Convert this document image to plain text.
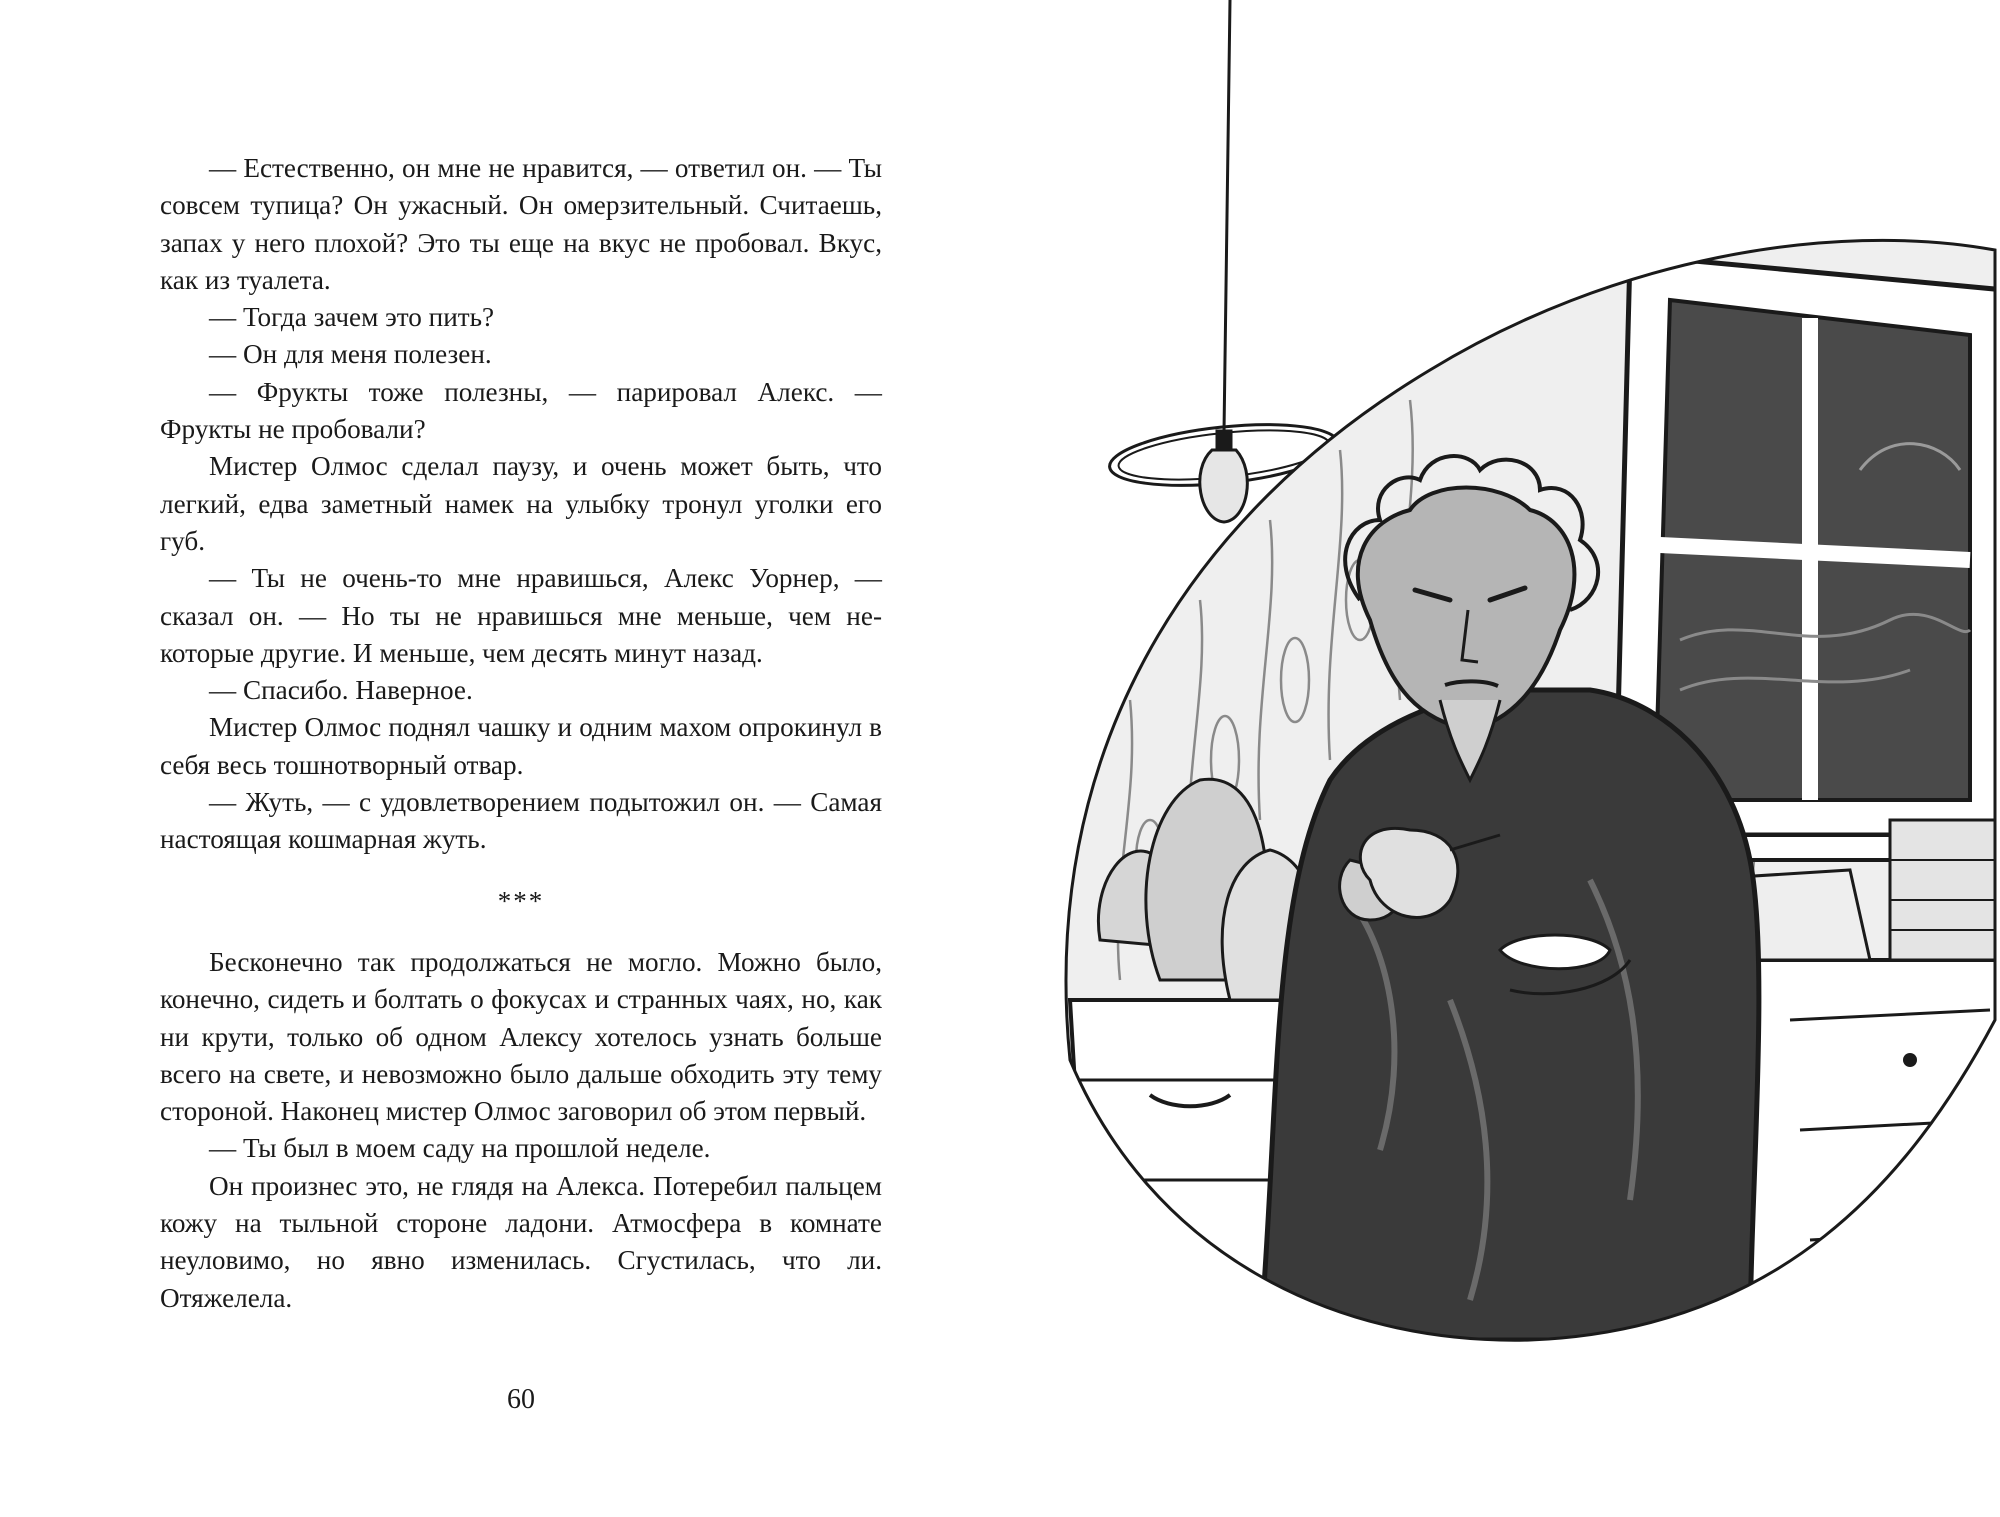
— Естественно, он мне не нравится, — ответил он. — Ты совсем тупица? Он ужасный. Он омерзительный. Считаешь, запах у него плохой? Это ты еще на вкус не пробовал. Вкус, как из туалета.

— Тогда зачем это пить?

— Он для меня полезен.

— Фрукты тоже полезны, — парировал Алекс. — Фрукты не пробовали?

Мистер Олмос сделал паузу, и очень может быть, что легкий, едва заметный намек на улыбку тронул уголки его губ.

— Ты не очень-то мне нравишься, Алекс Уорнер, — сказал он. — Но ты не нравишься мне меньше, чем некоторые другие. И меньше, чем десять минут назад.

— Спасибо. Наверное.

Мистер Олмос поднял чашку и одним махом опрокинул в себя весь тошнотворный отвар.

— Жуть, — с удовлетворением подытожил он. — Самая настоящая кошмарная жуть.

***

Бесконечно так продолжаться не могло. Можно было, конечно, сидеть и болтать о фокусах и странных чаях, но, как ни крути, только об одном Алексу хотелось узнать больше всего на свете, и невозможно было дальше обходить эту тему стороной. Наконец мистер Олмос заговорил об этом первый.

— Ты был в моем саду на прошлой неделе.

Он произнес это, не глядя на Алекса. Потеребил пальцем кожу на тыльной стороне ладони. Атмосфера в комнате неуловимо, но явно изменилась. Сгустилась, что ли. Отяжелела.

60
